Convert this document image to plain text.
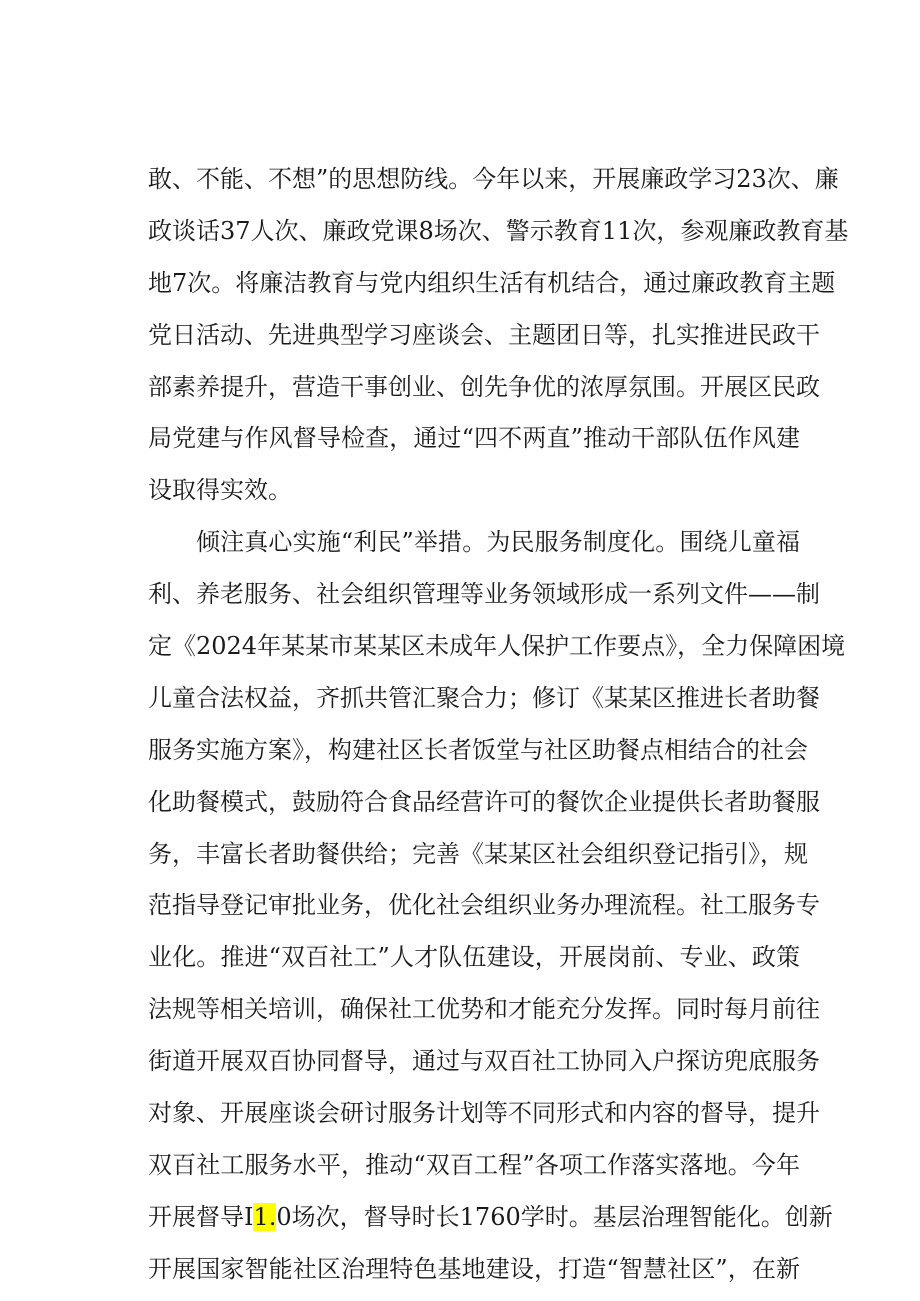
敢、不能、不想”的思想防线。今年以来，开展廉政学习23次、廉
政谈话37人次、廉政党课8场次、警示教育11次，参观廉政教育基
地7次。将廉洁教育与党内组织生活有机结合，通过廉政教育主题
党日活动、先进典型学习座谈会、主题团日等，扎实推进民政干
部素养提升，营造干事创业、创先争优的浓厚氛围。开展区民政
局党建与作风督导检查，通过“四不两直”推动干部队伍作风建
设取得实效。
倾注真心实施“利民”举措。为民服务制度化。围绕儿童福
利、养老服务、社会组织管理等业务领域形成一系列文件——制
定《2024年某某市某某区未成年人保护工作要点》，全力保障困境
儿童合法权益，齐抓共管汇聚合力；修订《某某区推进长者助餐
服务实施方案》，构建社区长者饭堂与社区助餐点相结合的社会
化助餐模式，鼓励符合食品经营许可的餐饮企业提供长者助餐服
务，丰富长者助餐供给；完善《某某区社会组织登记指引》，规
范指导登记审批业务，优化社会组织业务办理流程。社工服务专
业化。推进“双百社工”人才队伍建设，开展岗前、专业、政策
法规等相关培训，确保社工优势和才能充分发挥。同时每月前往
街道开展双百协同督导，通过与双百社工协同入户探访兜底服务
对象、开展座谈会研讨服务计划等不同形式和内容的督导，提升
双百社工服务水平，推动“双百工程”各项工作落实落地。今年
开展督导I1.0场次，督导时长1760学时。基层治理智能化。创新
开展国家智能社区治理特色基地建设，打造“智慧社区”，在新
